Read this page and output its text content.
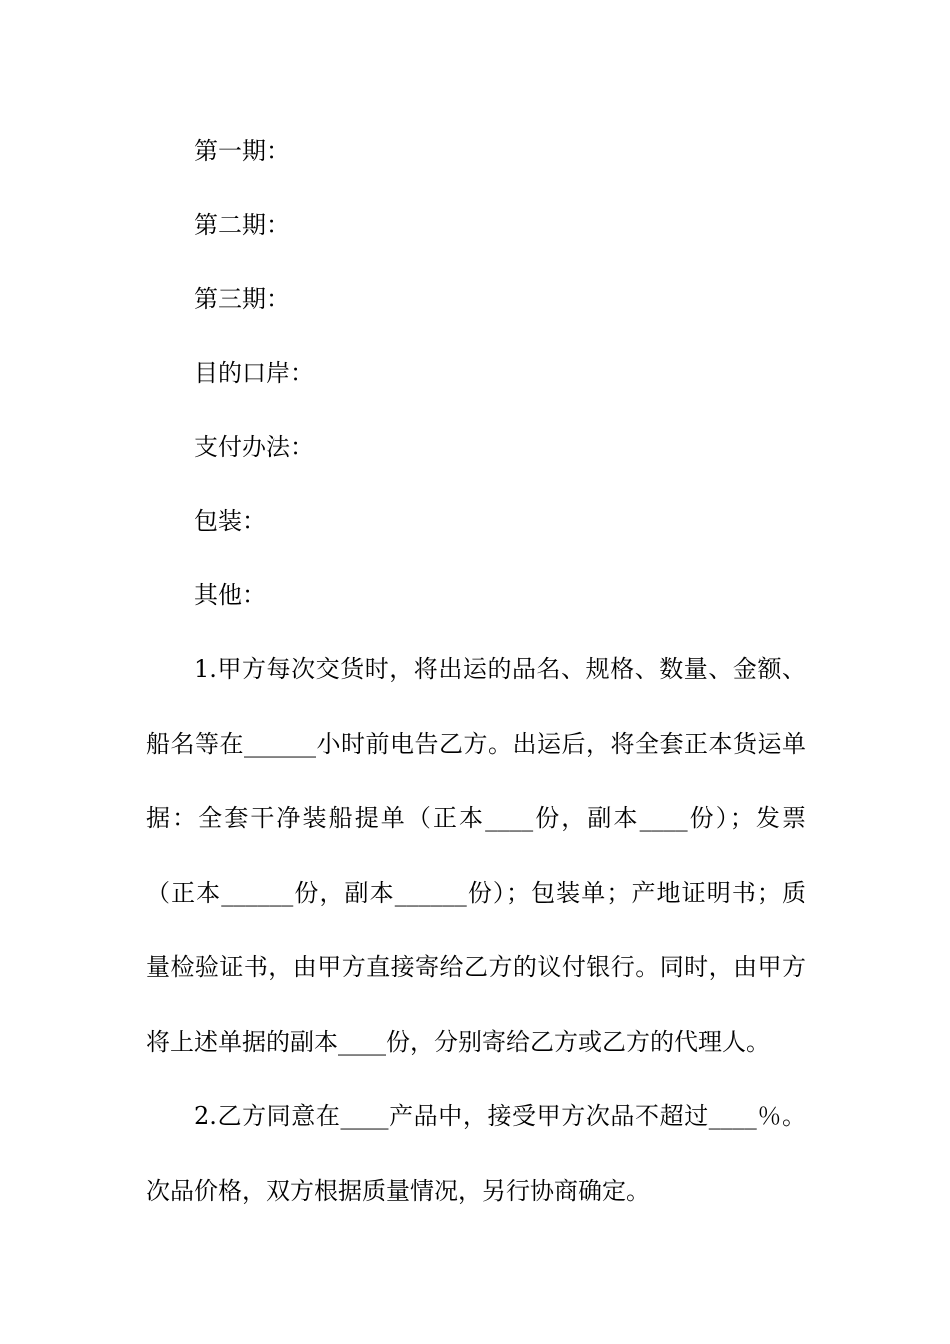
第一期：
第二期：
第三期：
目的口岸：
支付办法：
包装：
其他：
1.甲方每次交货时，将出运的品名、规格、数量、金额、
船名等在______小时前电告乙方。出运后，将全套正本货运单
据：全套干净装船提单（正本____份，副本____份）；发票
（正本______份，副本______份）；包装单；产地证明书；质
量检验证书，由甲方直接寄给乙方的议付银行。同时，由甲方
将上述单据的副本____份，分别寄给乙方或乙方的代理人。
2.乙方同意在____产品中，接受甲方次品不超过____％。
次品价格，双方根据质量情况，另行协商确定。
